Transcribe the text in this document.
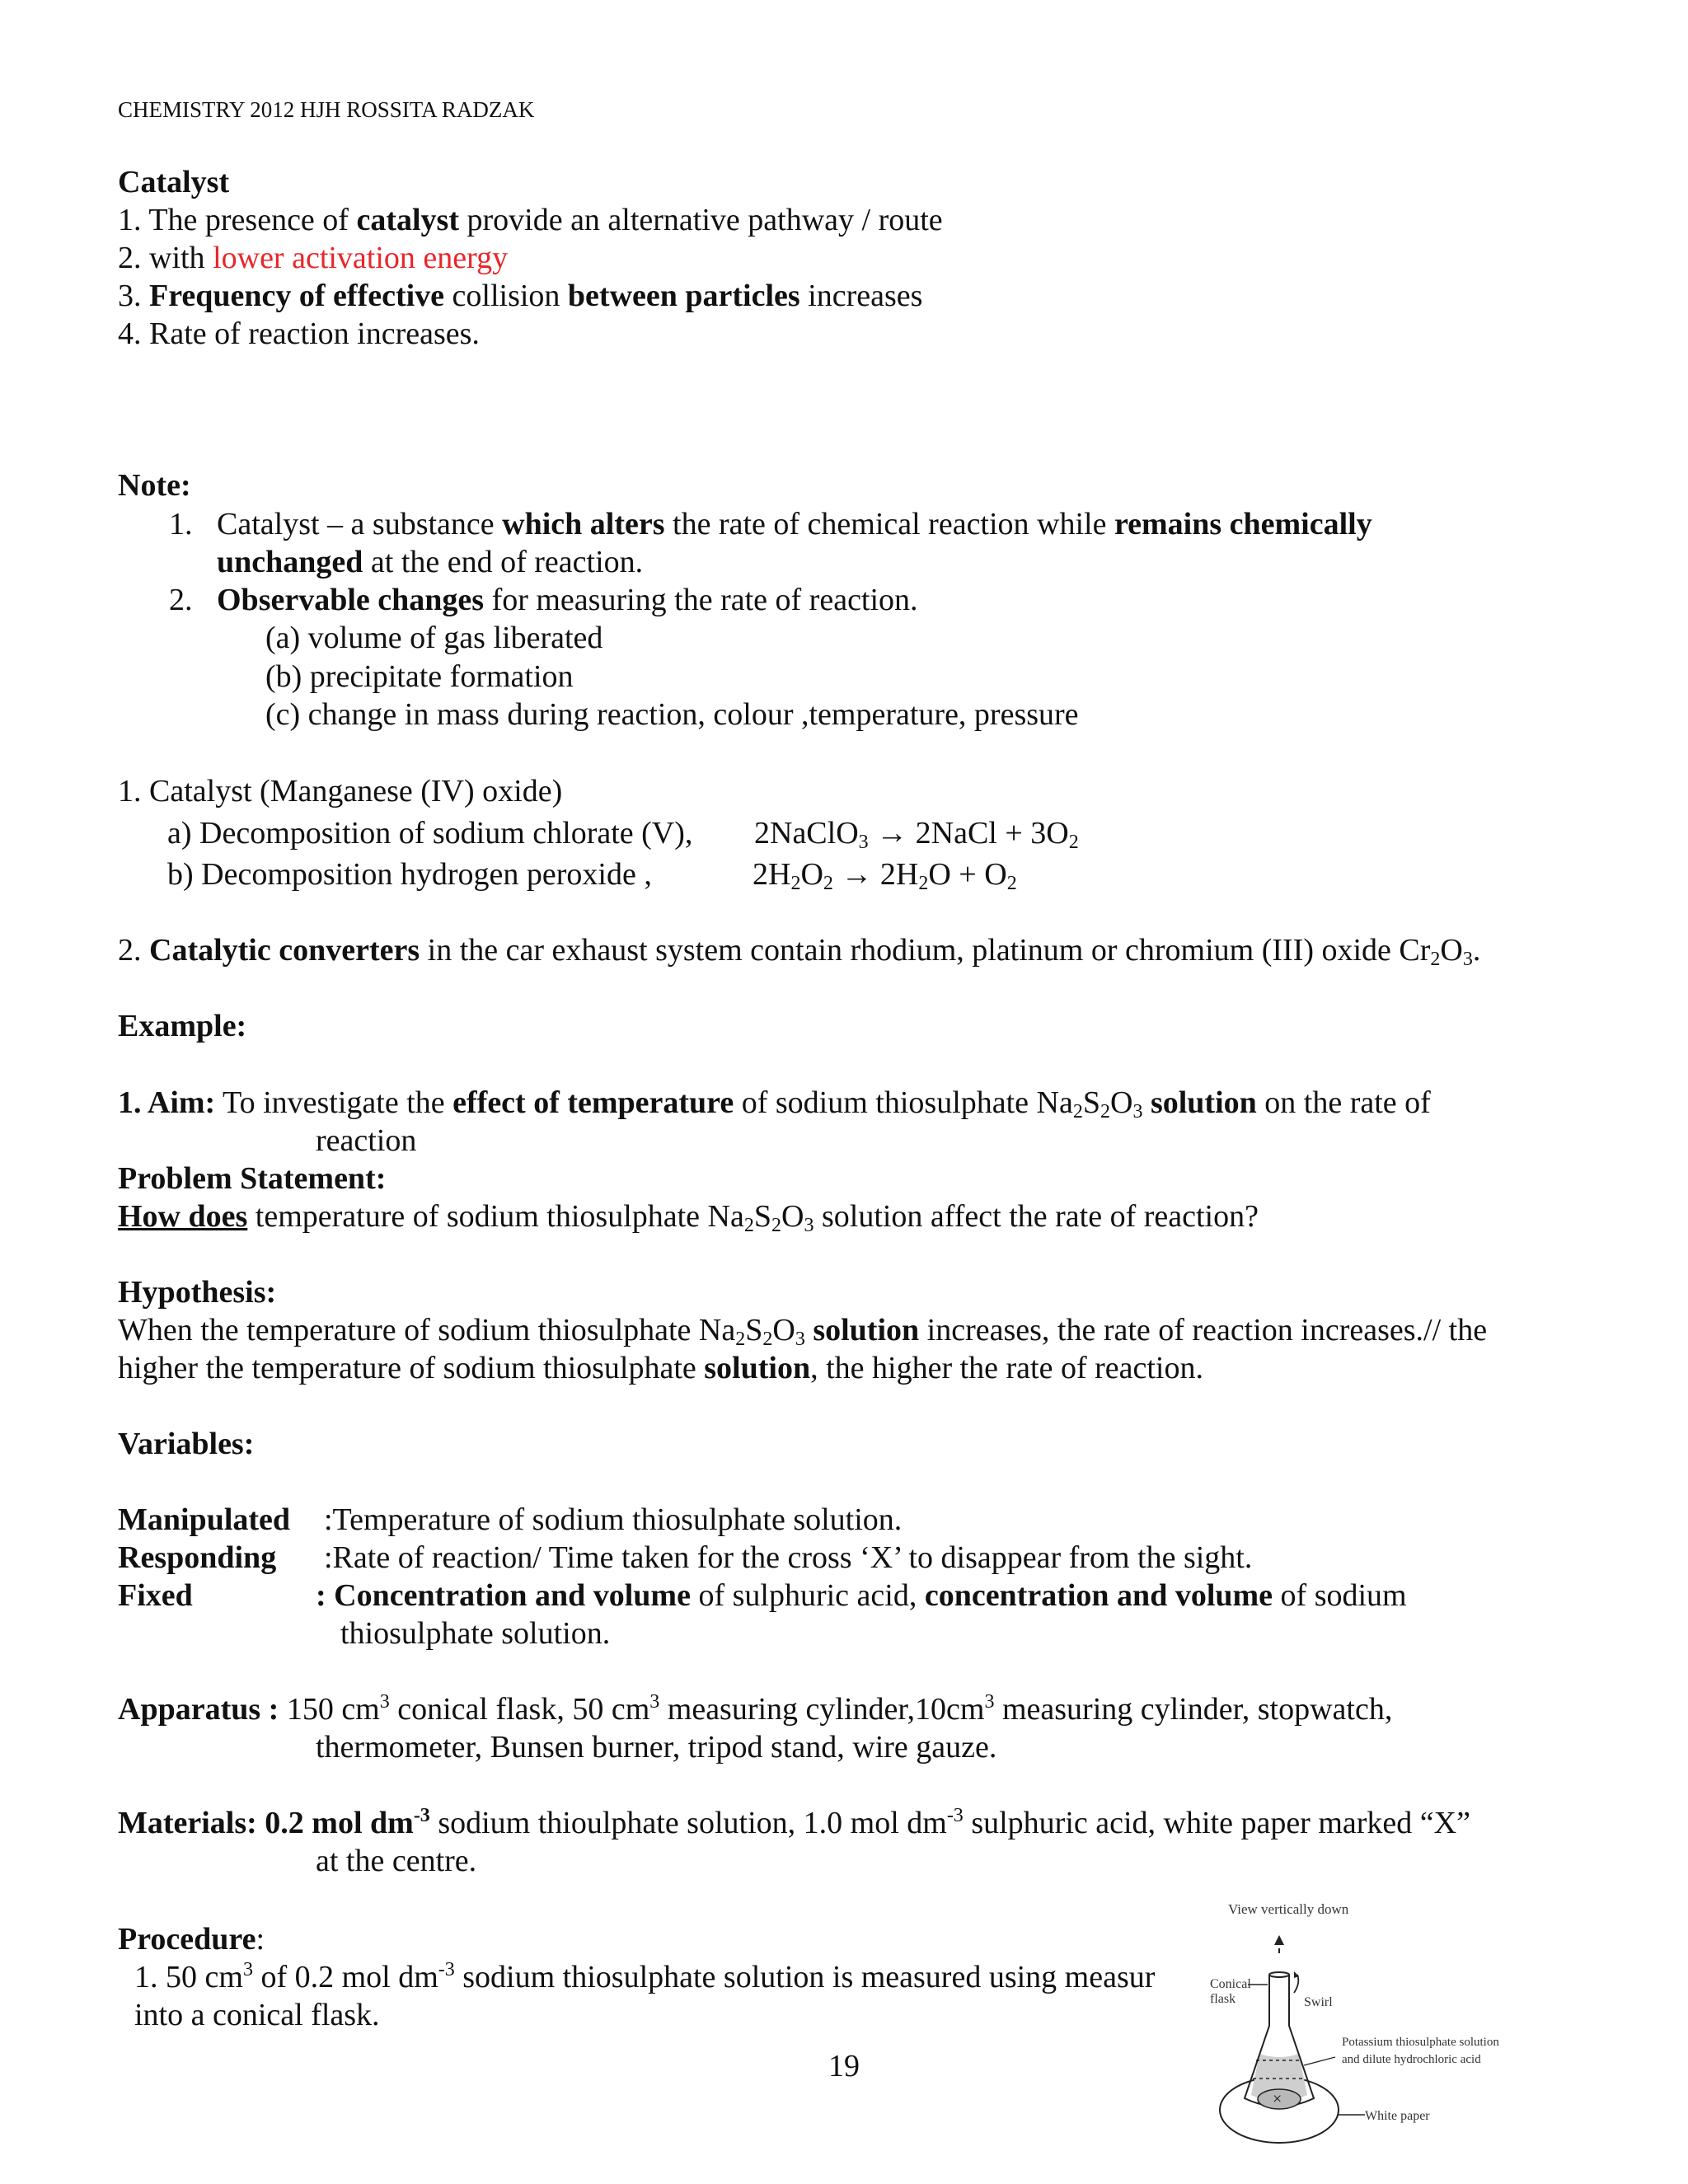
CHEMISTRY 2012 HJH ROSSITA RADZAK
Catalyst
1. The presence of catalyst provide an alternative pathway / route
2. with lower activation energy
3. Frequency of effective collision between particles increases
4. Rate of reaction increases.
Note:
1. Catalyst – a substance which alters the rate of chemical reaction while remains chemically
unchanged at the end of reaction.
2. Observable changes for measuring the rate of reaction.
(a) volume of gas liberated
(b) precipitate formation
(c) change in mass during reaction, colour ,temperature, pressure
1. Catalyst (Manganese (IV) oxide)
a) Decomposition of sodium chlorate (V), 2NaClO$_3$ → 2NaCl + $3O_2$
b) Decomposition hydrogen peroxide ,	$2H_2O_2 \to 2H_2O + O_2$
2. Catalytic converters in the car exhaust system contain rhodium, platinum or chromium (III) oxide $Cr_2O_3$.
Example:
1. Aim: To investigate the effect of temperature of sodium thiosulphate $Na_2S_2O_3$ solution on the rate of
reaction
Problem Statement:
How does temperature of sodium thiosulphate $Na_2S_2O_3$ solution affect the rate of reaction?
Hypothesis:
When the temperature of sodium thiosulphate $Na_2S_2O_3$ solution increases, the rate of reaction increases.// the
higher the temperature of sodium thiosulphate solution, the higher the rate of reaction.
Variables:
Manipulated :Temperature of sodium thiosulphate solution.
Responding :Rate of reaction/ Time taken for the cross ‘X’ to disappear from the sight.
Fixed	: Concentration and volume of sulphuric acid, concentration and volume of sodium
thiosulphate solution.
Apparatus : 150 $cm^3$ conical flask, 50 $cm^3$ measuring $cylinder,10cm^3$ measuring cylinder, stopwatch,
thermometer, Bunsen burner, tripod stand, wire gauze.
Materials: 0.2 mol $dm^{-3}$ sodium thioulphate solution, 1.0 mol $dm^{-3}$ sulphuric acid, white paper marked “X”
at the centre.
Procedure:
1. 50 $cm^3$ of 0.2 mol $dm^{-3}$ sodium thiosulphate solution is measured using measur
into a conical flask.
View vertically down
×
Conical
flask	Swirl
Potassium thiosulphate solution
and dilute hydrochloric acid
White paper
19
